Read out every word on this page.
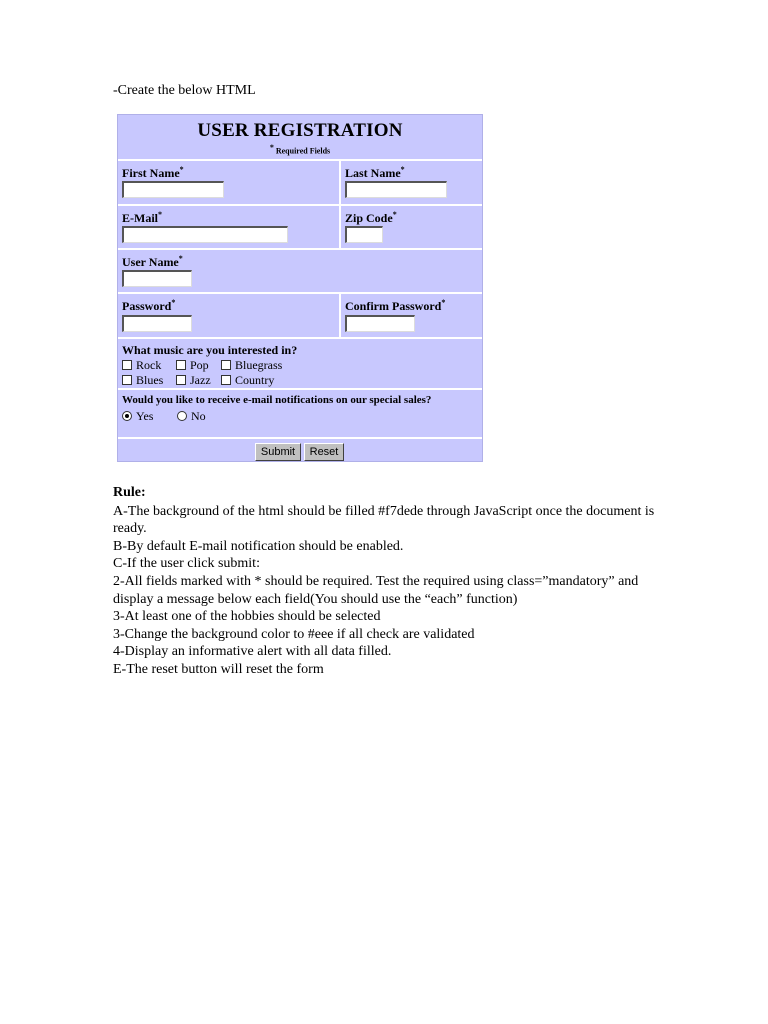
-Create the below HTML
USER REGISTRATION
* Required Fields
First Name*	Last Name*
E-Mail*	Zip Code*
User Name*
Password*	Confirm Password*
What music are you interested in?
Rock	Pop	Bluegrass
Blues	Jazz	Country
Would you like to receive e-mail notifications on our special sales?
Yes	No
Submit	Reset
Rule:

A-The background of the html should be filled #f7dede through JavaScript once the document is ready.

B-By default E-mail notification should be enabled.

C-If the user click submit:

2-All fields marked with * should be required. Test the required using class=”mandatory” and display a message below each field(You should use the “each” function)

3-At least one of the hobbies should be selected

3-Change the background color to #eee if all check are validated

4-Display an informative alert with all data filled.

E-The reset button will reset the form
